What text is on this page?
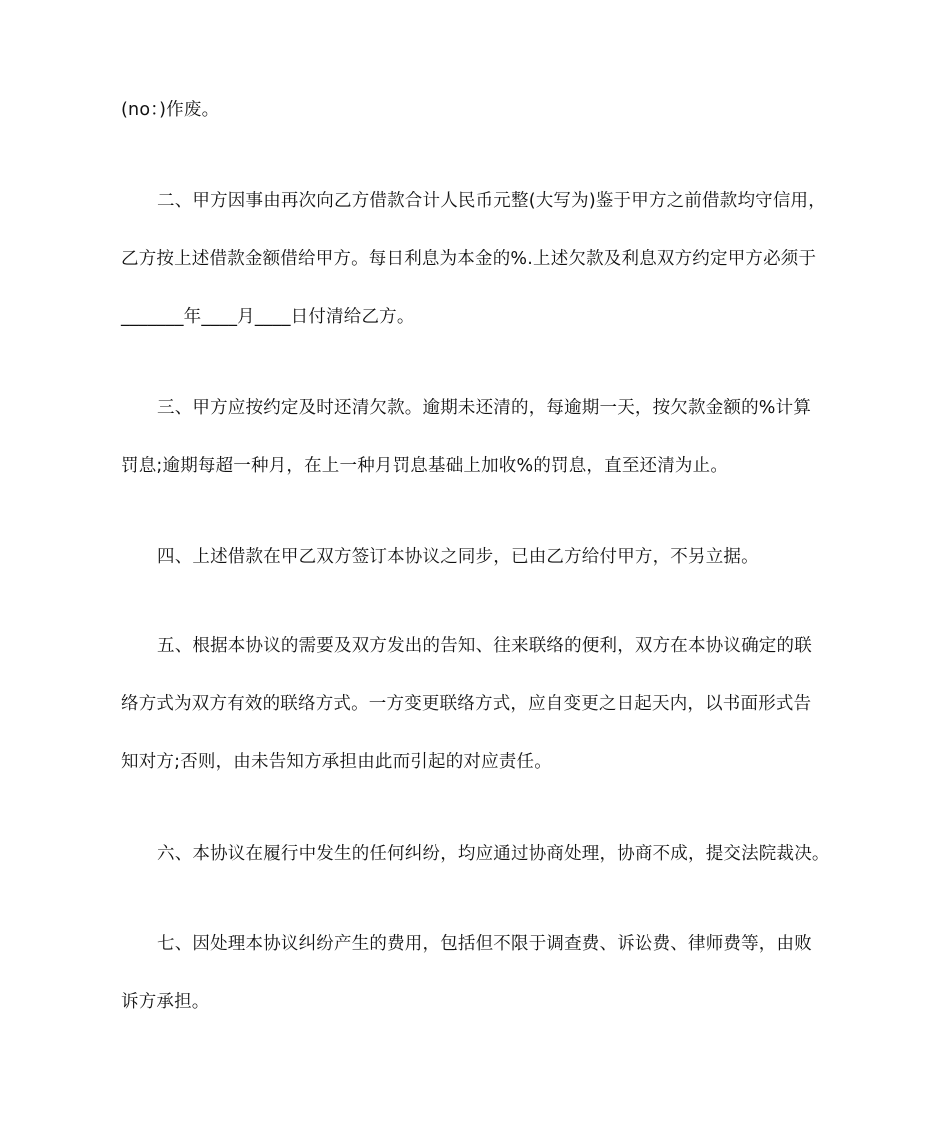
(no：)作废。
二、甲方因事由再次向乙方借款合计人民币元整(大写为)鉴于甲方之前借款均守信用，
乙方按上述借款金额借给甲方。每日利息为本金的%.上述欠款及利息双方约定甲方必须于
_______年____月____日付清给乙方。
三、甲方应按约定及时还清欠款。逾期未还清的，每逾期一天，按欠款金额的%计算
罚息;逾期每超一种月，在上一种月罚息基础上加收%的罚息，直至还清为止。
四、上述借款在甲乙双方签订本协议之同步，已由乙方给付甲方，不另立据。
五、根据本协议的需要及双方发出的告知、往来联络的便利，双方在本协议确定的联
络方式为双方有效的联络方式。一方变更联络方式，应自变更之日起天内，以书面形式告
知对方;否则，由未告知方承担由此而引起的对应责任。
六、本协议在履行中发生的任何纠纷，均应通过协商处理，协商不成，提交法院裁决。
七、因处理本协议纠纷产生的费用，包括但不限于调查费、诉讼费、律师费等，由败
诉方承担。
